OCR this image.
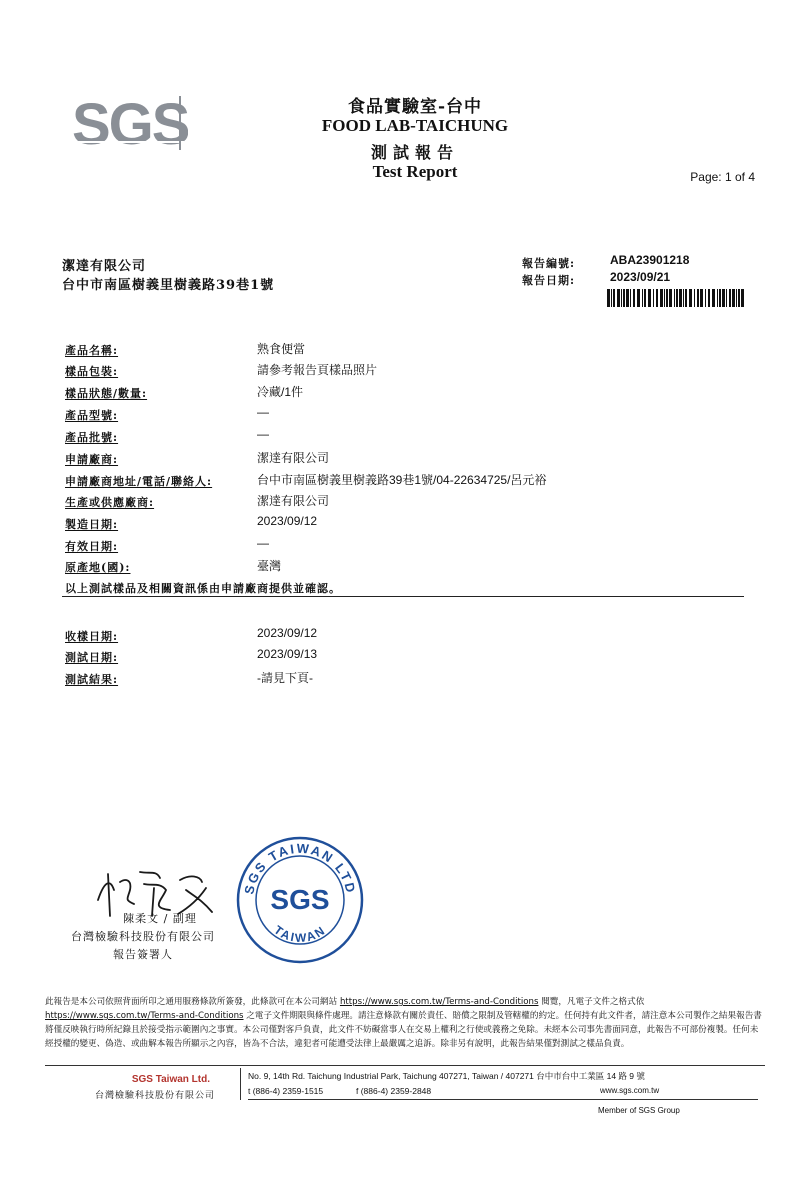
SGS	食品實驗室-台中
FOOD LAB-TAICHUNG
測試報告
Test Report	Page: 1 of 4
潔達有限公司
台中市南區樹義里樹義路39巷1號
報告編號:	ABA23901218
報告日期:	2023/09/21
產品名稱:	熟食便當
樣品包裝:	請參考報告頁樣品照片
樣品狀態/數量:	冷藏/1件
產品型號:	—
產品批號:	—
申請廠商:	潔達有限公司
申請廠商地址/電話/聯絡人:	台中市南區樹義里樹義路39巷1號/04-22634725/呂元裕
生產或供應廠商:	潔達有限公司
製造日期:	2023/09/12
有效日期:	—
原產地(國):	臺灣
以上測試樣品及相關資訊係由申請廠商提供並確認。
收樣日期:	2023/09/12
測試日期:	2023/09/13
測試結果:	-請見下頁-
陳柔文 / 副理
台灣檢驗科技股份有限公司
報告簽署人
SGS TAIWAN LTD
SGS
TAIWAN
此報告是本公司依照背面所印之通用服務條款所簽發，此條款可在本公司網站 https://www.sgs.com.tw/Terms-and-Conditions 閱覽，凡電子文件之格式依 https://www.sgs.com.tw/Terms-and-Conditions 之電子文件期限與條件處理。請注意條款有關於責任、賠償之限制及管轄權的約定。任何持有此文件者，請注意本公司製作之結果報告書將僅反映執行時所紀錄且於接受指示範圍內之事實。本公司僅對客戶負責，此文件不妨礙當事人在交易上權利之行使或義務之免除。未經本公司事先書面同意，此報告不可部份複製。任何未經授權的變更、偽造、或曲解本報告所顯示之內容，皆為不合法，違犯者可能遭受法律上最嚴厲之追訴。除非另有說明，此報告結果僅對測試之樣品負責。
SGS Taiwan Ltd.
台灣檢驗科技股份有限公司
No. 9, 14th Rd. Taichung Industrial Park, Taichung 407271, Taiwan / 407271 台中市台中工業區 14 路 9 號
t (886-4) 2359-1515	f (886-4) 2359-2848	www.sgs.com.tw
Member of SGS Group
